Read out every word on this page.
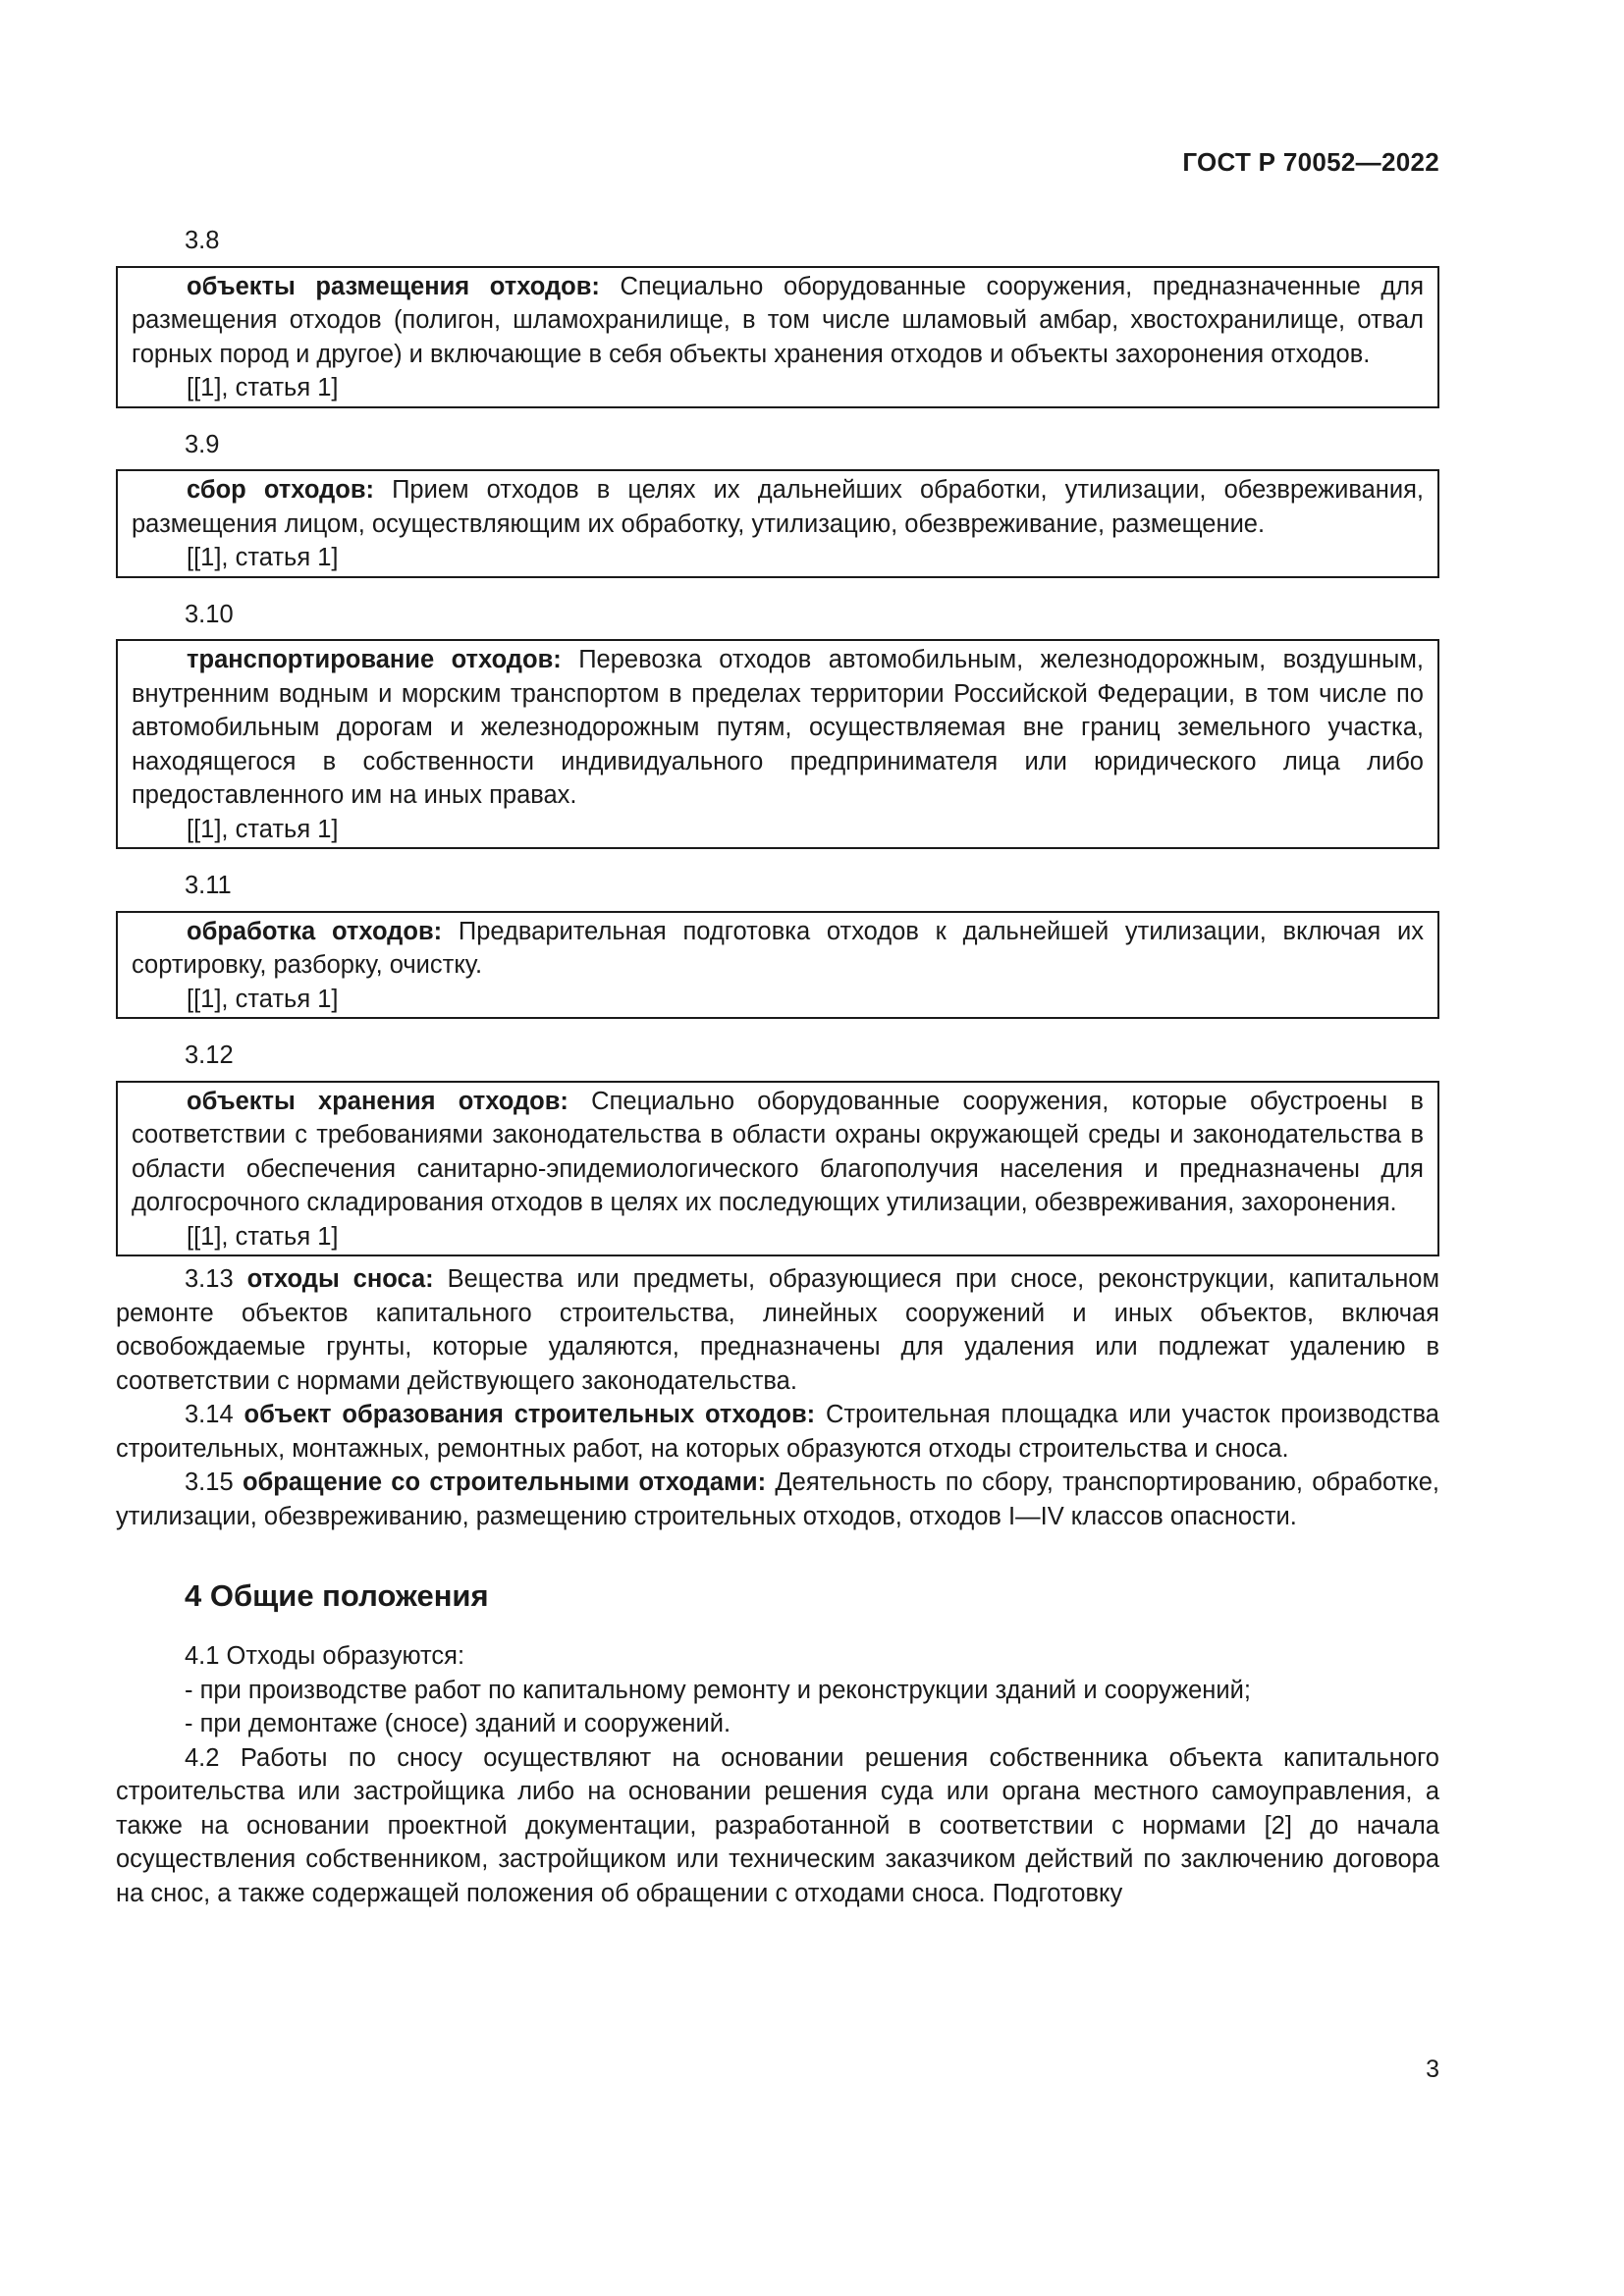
ГОСТ Р 70052—2022
3.8

объекты размещения отходов: Специально оборудованные сооружения, предназначенные для размещения отходов (полигон, шламохранилище, в том числе шламовый амбар, хвостохранилище, отвал горных пород и другое) и включающие в себя объекты хранения отходов и объекты захоронения отходов.

[[1], статья 1]

3.9

сбор отходов: Прием отходов в целях их дальнейших обработки, утилизации, обезвреживания, размещения лицом, осуществляющим их обработку, утилизацию, обезвреживание, размещение.

[[1], статья 1]

3.10

транспортирование отходов: Перевозка отходов автомобильным, железнодорожным, воздушным, внутренним водным и морским транспортом в пределах территории Российской Федерации, в том числе по автомобильным дорогам и железнодорожным путям, осуществляемая вне границ земельного участка, находящегося в собственности индивидуального предпринимателя или юридического лица либо предоставленного им на иных правах.

[[1], статья 1]

3.11

обработка отходов: Предварительная подготовка отходов к дальнейшей утилизации, включая их сортировку, разборку, очистку.

[[1], статья 1]

3.12

объекты хранения отходов: Специально оборудованные сооружения, которые обустроены в соответствии с требованиями законодательства в области охраны окружающей среды и законодательства в области обеспечения санитарно-эпидемиологического благополучия населения и предназначены для долгосрочного складирования отходов в целях их последующих утилизации, обезвреживания, захоронения.

[[1], статья 1]

3.13 отходы сноса: Вещества или предметы, образующиеся при сносе, реконструкции, капитальном ремонте объектов капитального строительства, линейных сооружений и иных объектов, включая освобождаемые грунты, которые удаляются, предназначены для удаления или подлежат удалению в соответствии с нормами действующего законодательства.

3.14 объект образования строительных отходов: Строительная площадка или участок производства строительных, монтажных, ремонтных работ, на которых образуются отходы строительства и сноса.

3.15 обращение со строительными отходами: Деятельность по сбору, транспортированию, обработке, утилизации, обезвреживанию, размещению строительных отходов, отходов I—IV классов опасности.

4 Общие положения

4.1 Отходы образуются:

- при производстве работ по капитальному ремонту и реконструкции зданий и сооружений;

- при демонтаже (сносе) зданий и сооружений.

4.2 Работы по сносу осуществляют на основании решения собственника объекта капитального строительства или застройщика либо на основании решения суда или органа местного самоуправления, а также на основании проектной документации, разработанной в соответствии с нормами [2] до начала осуществления собственником, застройщиком или техническим заказчиком действий по заключению договора на снос, а также содержащей положения об обращении с отходами сноса. Подготовку

3
